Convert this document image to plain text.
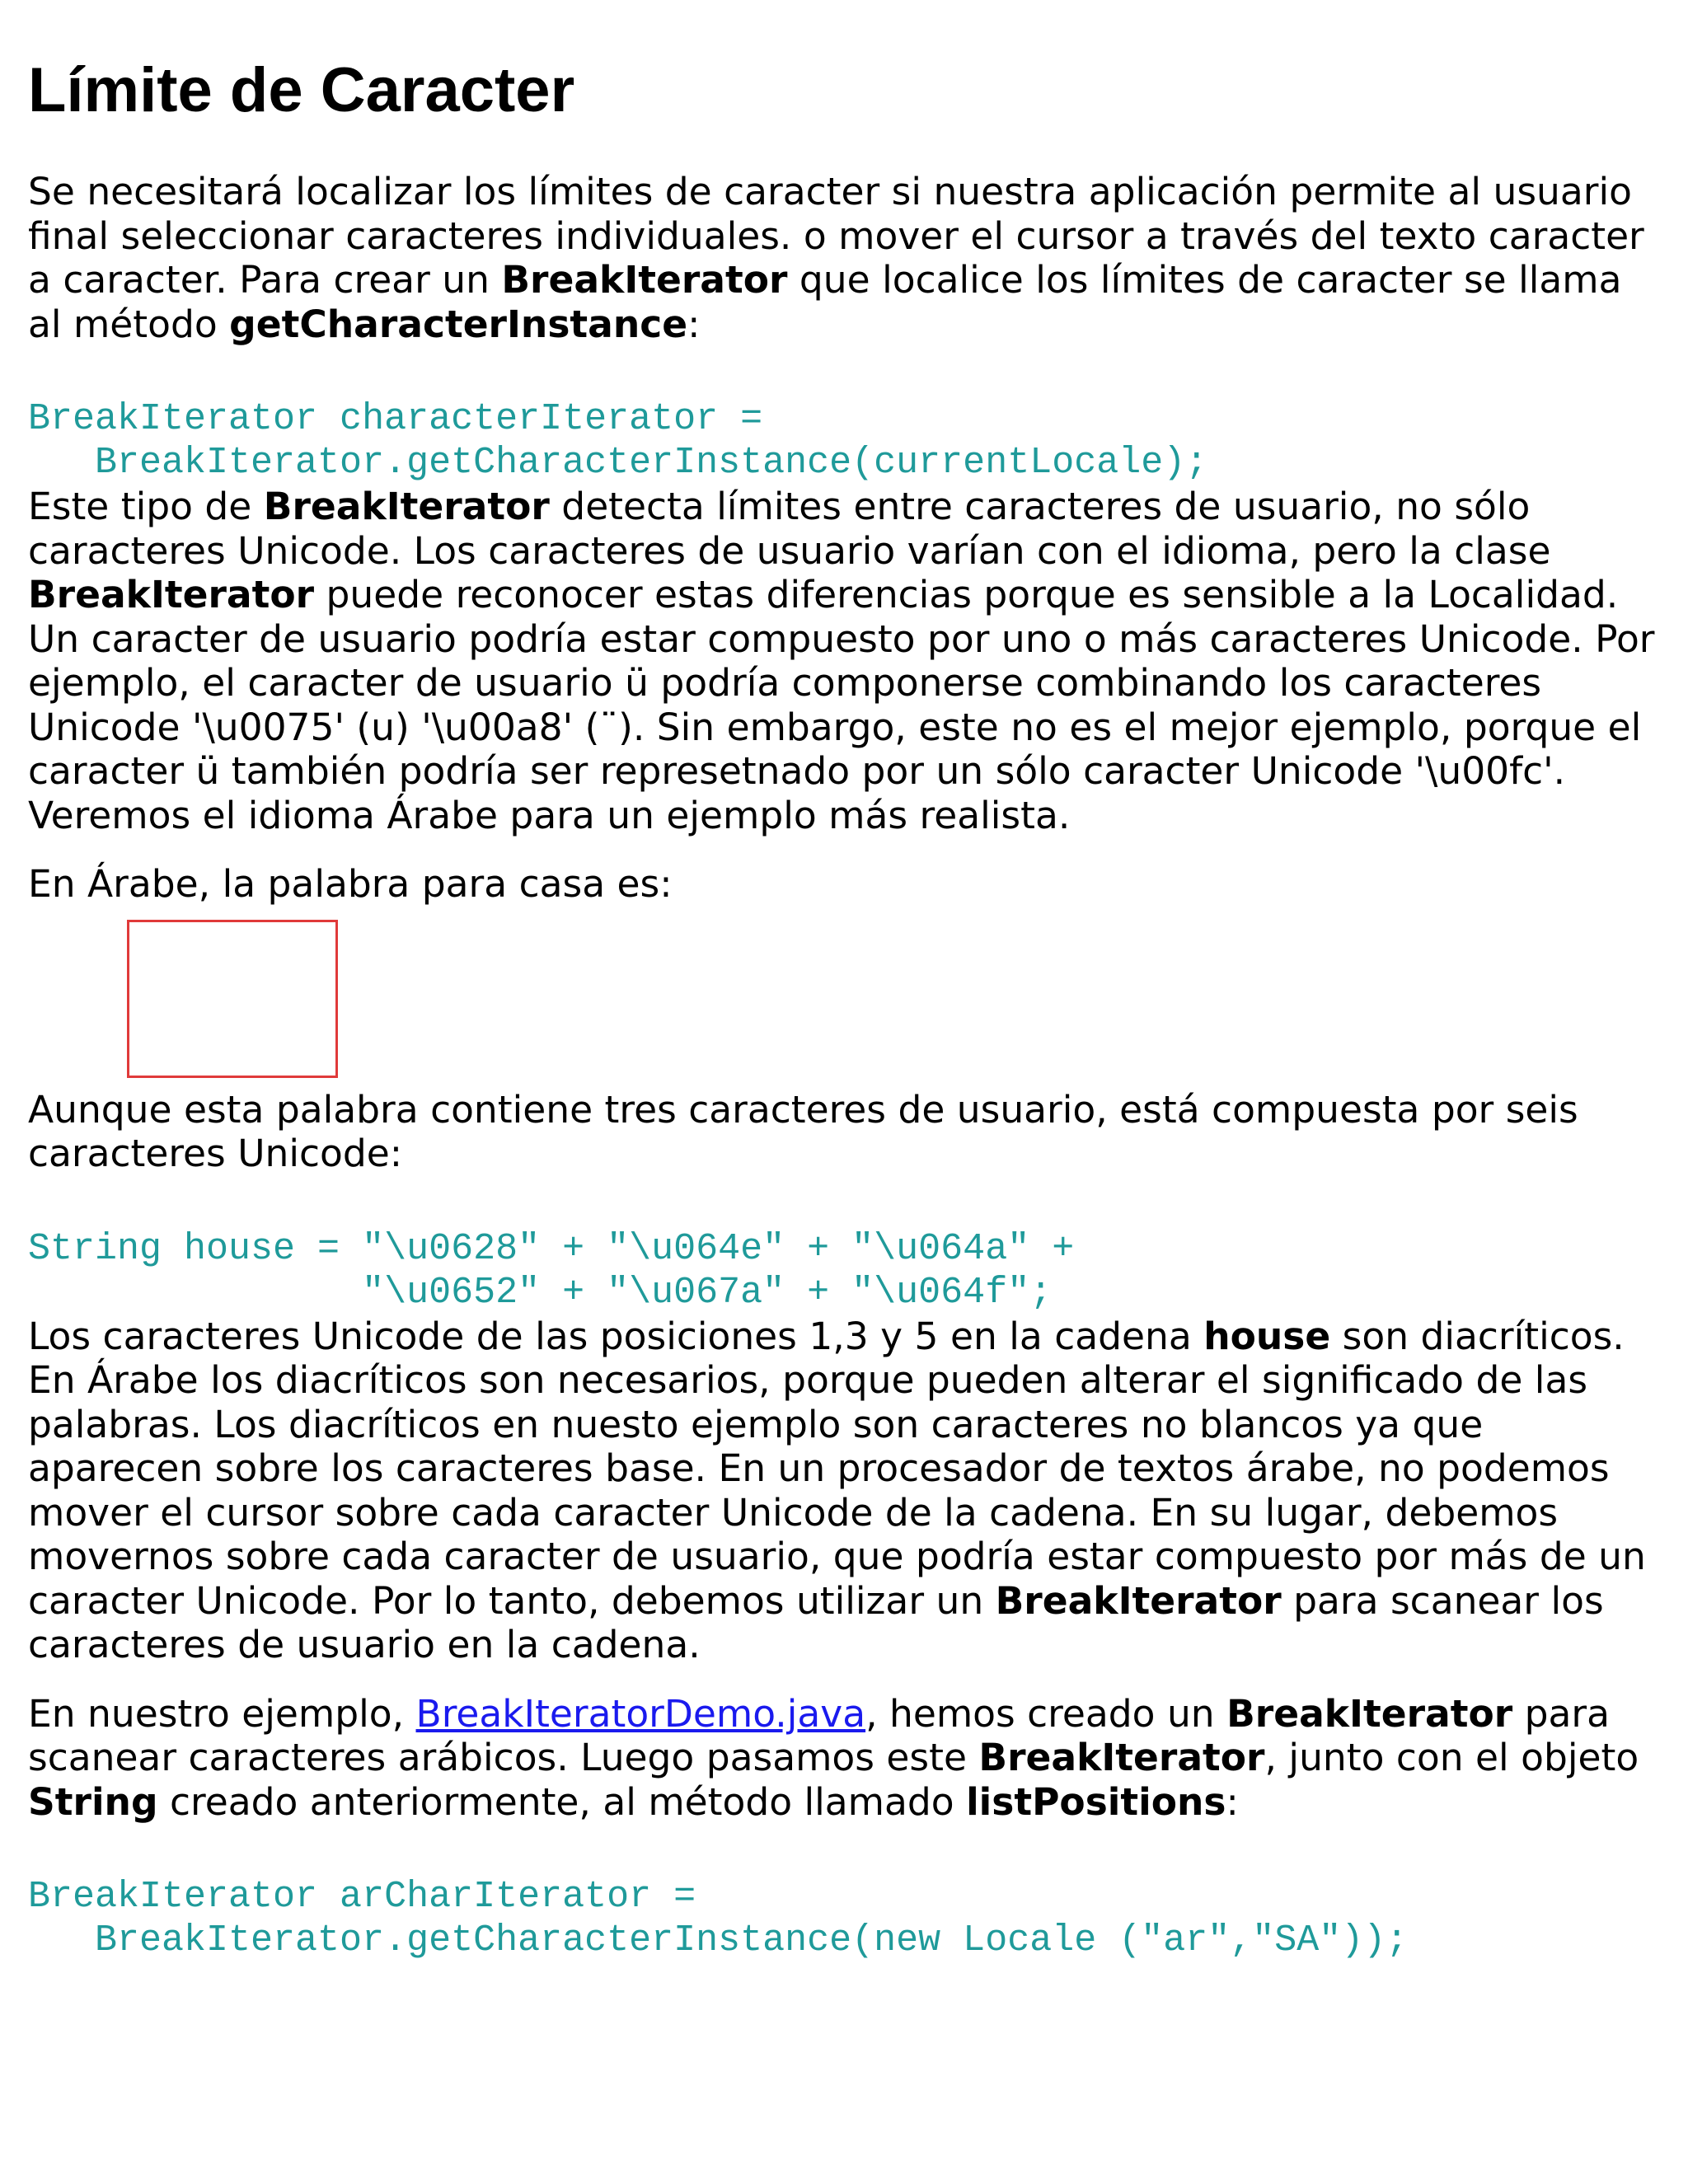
Límite de Caracter

Se necesitará localizar los límites de caracter si nuestra aplicación permite al usuario final seleccionar caracteres individuales. o mover el cursor a través del texto caracter a caracter. Para crear un BreakIterator que localice los límites de caracter se llama al método getCharacterInstance:

BreakIterator characterIterator =
BreakIterator.getCharacterInstance(currentLocale);

Este tipo de BreakIterator detecta límites entre caracteres de usuario, no sólo caracteres Unicode. Los caracteres de usuario varían con el idioma, pero la clase BreakIterator puede reconocer estas diferencias porque es sensible a la Localidad. Un caracter de usuario podría estar compuesto por uno o más caracteres Unicode. Por ejemplo, el caracter de usuario ü podría componerse combinando los caracteres Unicode '\u0075' (u) '\u00a8' (¨). Sin embargo, este no es el mejor ejemplo, porque el caracter ü también podría ser represetnado por un sólo caracter Unicode '\u00fc'. Veremos el idioma Árabe para un ejemplo más realista.

En Árabe, la palabra para casa es:

Aunque esta palabra contiene tres caracteres de usuario, está compuesta por seis caracteres Unicode:

String house = "\u0628" + "\u064e" + "\u064a" +
"\u0652" + "\u067a" + "\u064f";

Los caracteres Unicode de las posiciones 1,3 y 5 en la cadena house son diacríticos. En Árabe los diacríticos son necesarios, porque pueden alterar el significado de las palabras. Los diacríticos en nuesto ejemplo son caracteres no blancos ya que aparecen sobre los caracteres base. En un procesador de textos árabe, no podemos mover el cursor sobre cada caracter Unicode de la cadena. En su lugar, debemos movernos sobre cada caracter de usuario, que podría estar compuesto por más de un caracter Unicode. Por lo tanto, debemos utilizar un BreakIterator para scanear los caracteres de usuario en la cadena.

En nuestro ejemplo, BreakIteratorDemo.java, hemos creado un BreakIterator para scanear caracteres arábicos. Luego pasamos este BreakIterator, junto con el objeto String creado anteriormente, al método llamado listPositions:

BreakIterator arCharIterator =
BreakIterator.getCharacterInstance(new Locale ("ar","SA"));
